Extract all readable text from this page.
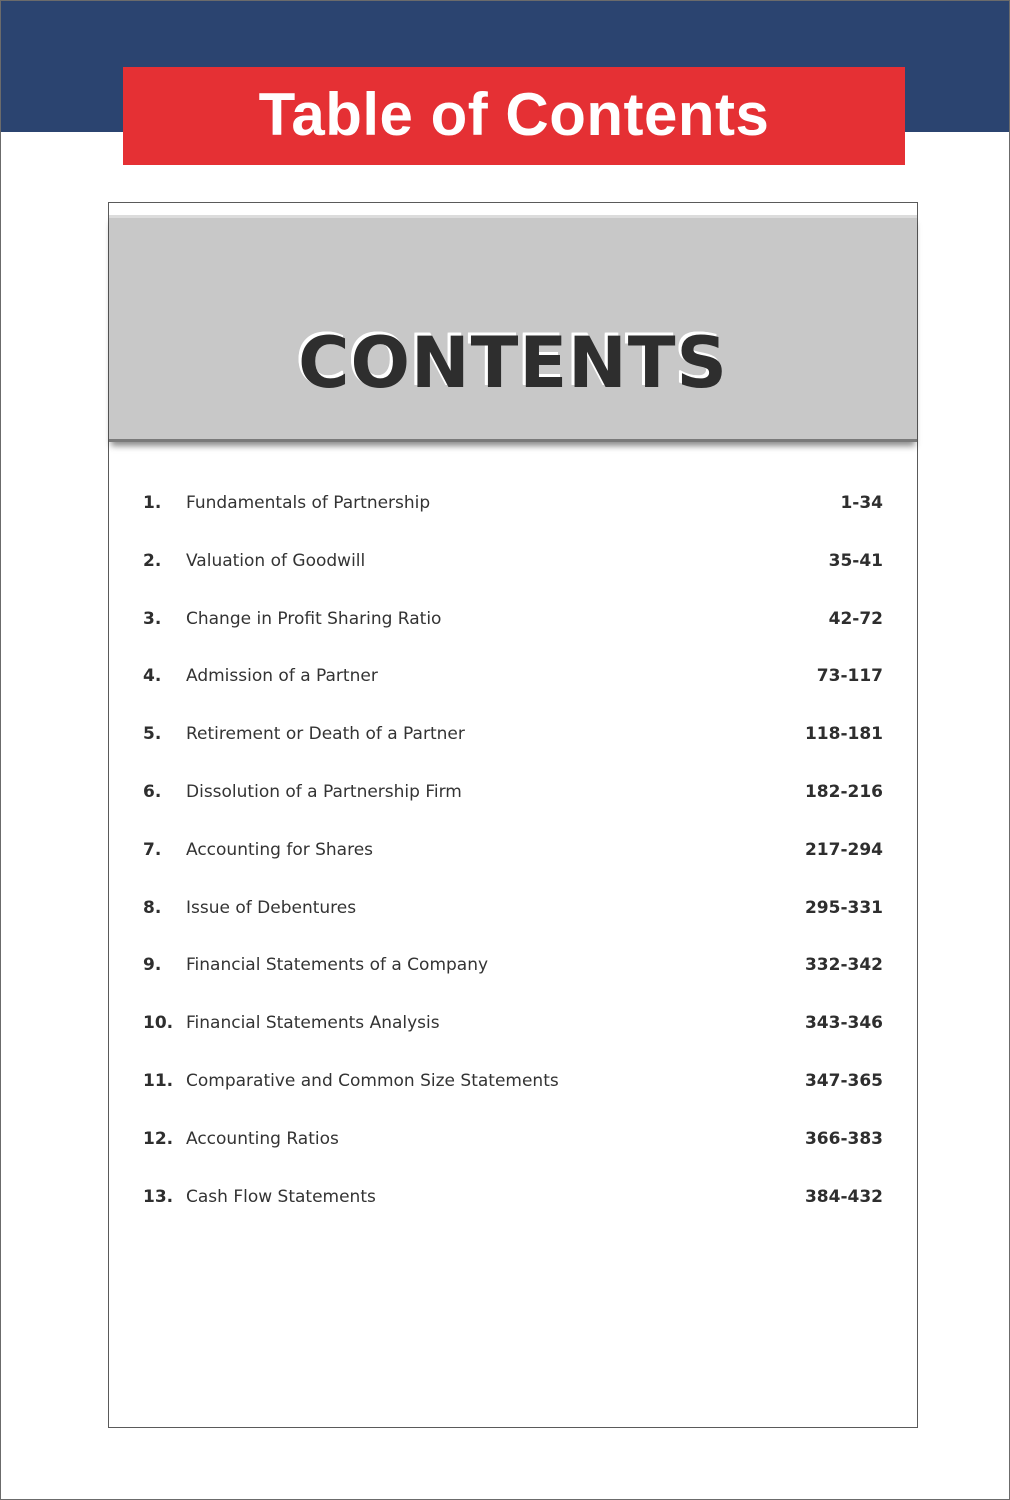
Table of Contents
CONTENTS
1.	Fundamentals of Partnership	1-34
2.	Valuation of Goodwill	35-41
3.	Change in Profit Sharing Ratio	42-72
4.	Admission of a Partner	73-117
5.	Retirement or Death of a Partner	118-181
6.	Dissolution of a Partnership Firm	182-216
7.	Accounting for Shares	217-294
8.	Issue of Debentures	295-331
9.	Financial Statements of a Company	332-342
10. Financial Statements Analysis	343-346
11. Comparative and Common Size Statements	347-365
12. Accounting Ratios	366-383
13. Cash Flow Statements	384-432
